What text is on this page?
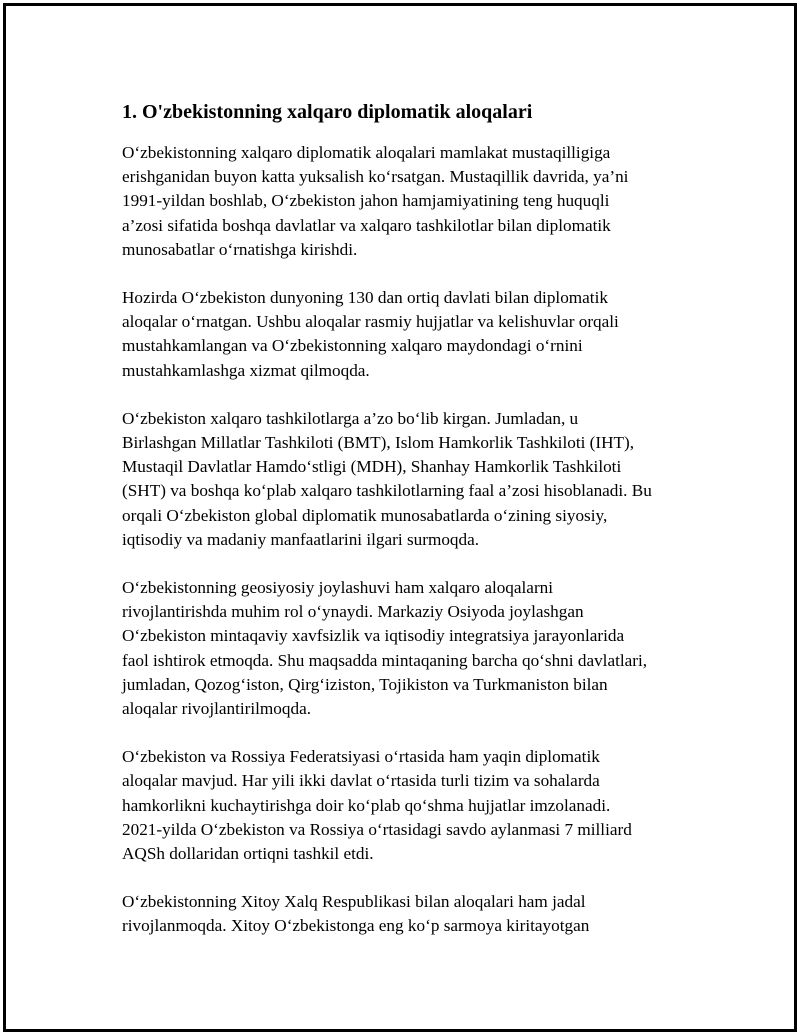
1. O'zbekistonning xalqaro diplomatik aloqalari

O‘zbekistonning xalqaro diplomatik aloqalari mamlakat mustaqilligiga
erishganidan buyon katta yuksalish ko‘rsatgan. Mustaqillik davrida, ya’ni
1991-yildan boshlab, O‘zbekiston jahon hamjamiyatining teng huquqli
a’zosi sifatida boshqa davlatlar va xalqaro tashkilotlar bilan diplomatik
munosabatlar o‘rnatishga kirishdi.

Hozirda O‘zbekiston dunyoning 130 dan ortiq davlati bilan diplomatik
aloqalar o‘rnatgan. Ushbu aloqalar rasmiy hujjatlar va kelishuvlar orqali
mustahkamlangan va O‘zbekistonning xalqaro maydondagi o‘rnini
mustahkamlashga xizmat qilmoqda.

O‘zbekiston xalqaro tashkilotlarga a’zo bo‘lib kirgan. Jumladan, u
Birlashgan Millatlar Tashkiloti (BMT), Islom Hamkorlik Tashkiloti (IHT),
Mustaqil Davlatlar Hamdo‘stligi (MDH), Shanhay Hamkorlik Tashkiloti
(SHT) va boshqa ko‘plab xalqaro tashkilotlarning faal a’zosi hisoblanadi. Bu
orqali O‘zbekiston global diplomatik munosabatlarda o‘zining siyosiy,
iqtisodiy va madaniy manfaatlarini ilgari surmoqda.

O‘zbekistonning geosiyosiy joylashuvi ham xalqaro aloqalarni
rivojlantirishda muhim rol o‘ynaydi. Markaziy Osiyoda joylashgan
O‘zbekiston mintaqaviy xavfsizlik va iqtisodiy integratsiya jarayonlarida
faol ishtirok etmoqda. Shu maqsadda mintaqaning barcha qo‘shni davlatlari,
jumladan, Qozog‘iston, Qirg‘iziston, Tojikiston va Turkmaniston bilan
aloqalar rivojlantirilmoqda.

O‘zbekiston va Rossiya Federatsiyasi o‘rtasida ham yaqin diplomatik
aloqalar mavjud. Har yili ikki davlat o‘rtasida turli tizim va sohalarda
hamkorlikni kuchaytirishga doir ko‘plab qo‘shma hujjatlar imzolanadi.
2021-yilda O‘zbekiston va Rossiya o‘rtasidagi savdo aylanmasi 7 milliard
AQSh dollaridan ortiqni tashkil etdi.

O‘zbekistonning Xitoy Xalq Respublikasi bilan aloqalari ham jadal
rivojlanmoqda. Xitoy O‘zbekistonga eng ko‘p sarmoya kiritayotgan
